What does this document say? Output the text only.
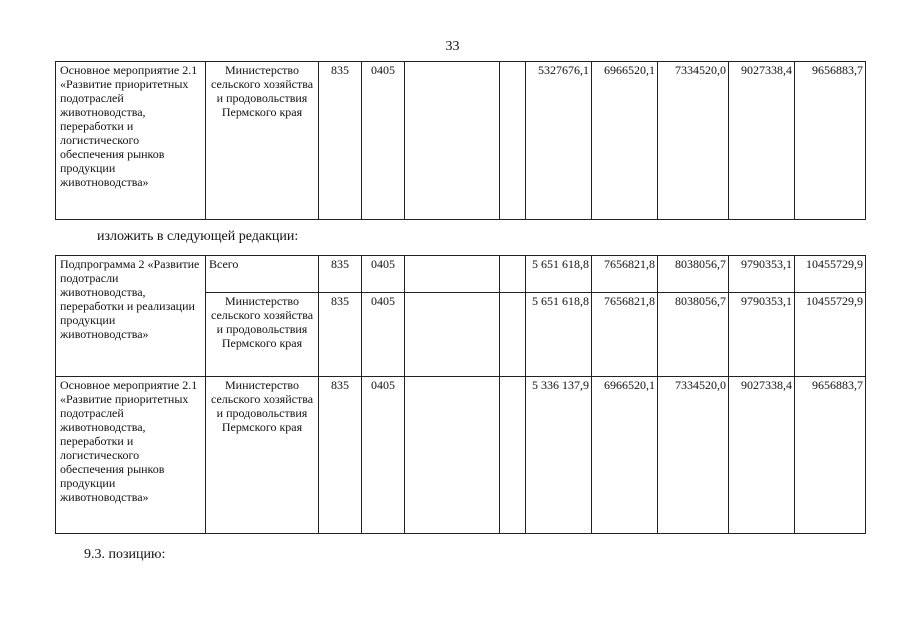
33
Основное мероприятие 2.1 «Развитие приоритетных подотраслей животноводства, переработки и логистического обеспечения рынков продукции животноводства»	Министерство сельского хозяйства и продовольствия Пермского края	835	0405			5327676,1	6966520,1	7334520,0	9027338,4	9656883,7
изложить в следующей редакции:
Подпрограмма 2 «Развитие подотрасли животноводства, переработки и реализации продукции животноводства»	Всего	835	0405			5 651 618,8	7656821,8	8038056,7	9790353,1	10455729,9
	Министерство сельского хозяйства и продовольствия Пермского края	835	0405			5 651 618,8	7656821,8	8038056,7	9790353,1	10455729,9
Основное мероприятие 2.1 «Развитие приоритетных подотраслей животноводства, переработки и логистического обеспечения рынков продукции животноводства»	Министерство сельского хозяйства и продовольствия Пермского края	835	0405			5 336 137,9	6966520,1	7334520,0	9027338,4	9656883,7
9.3. позицию:
